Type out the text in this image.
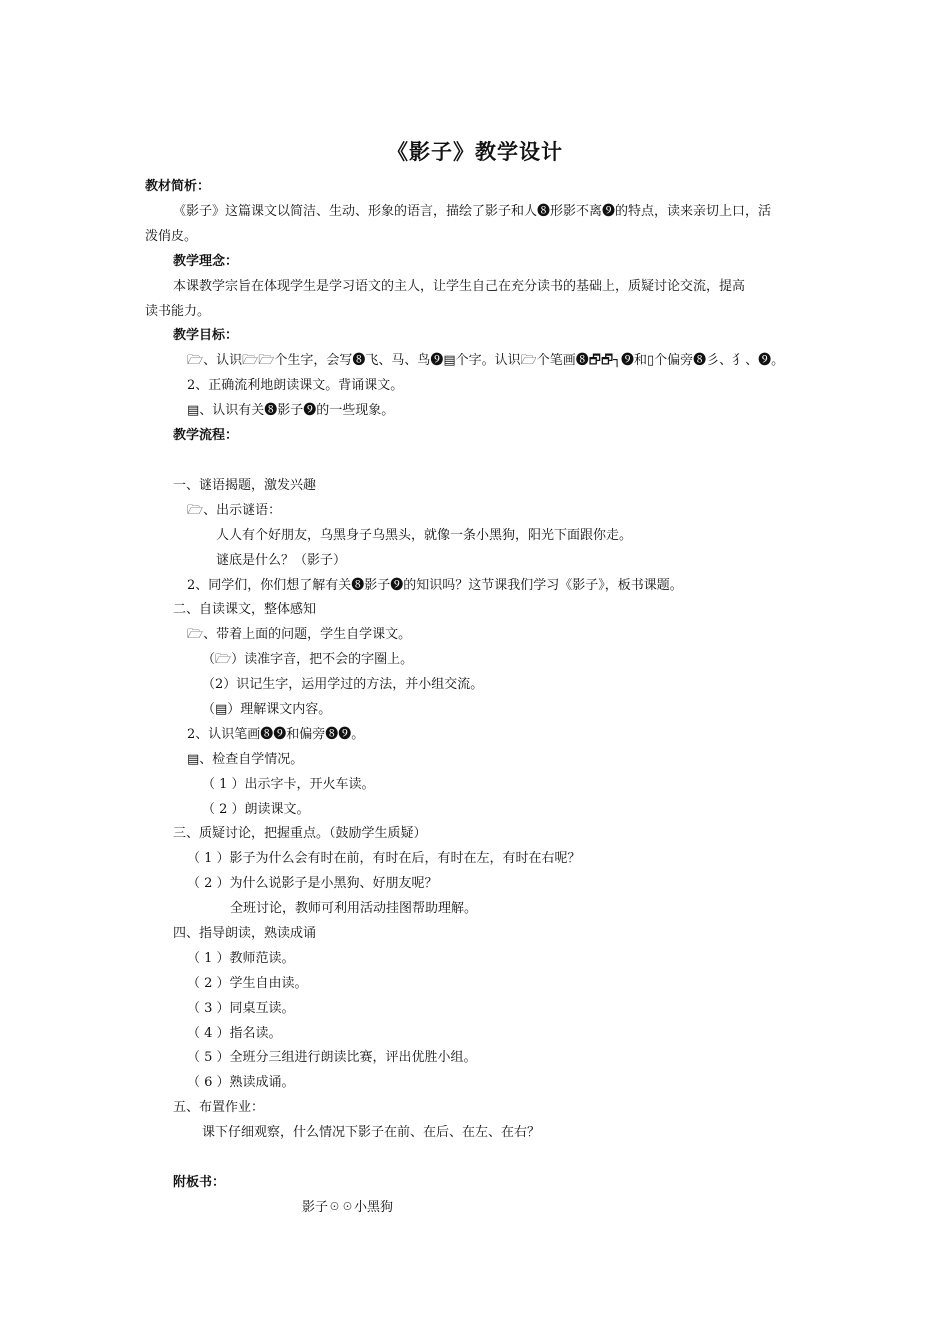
《影子》教学设计
教材简析：
《影子》这篇课文以简洁、生动、形象的语言，描绘了影子和人❽形影不离❾的特点，读来亲切上口，活
泼俏皮。
教学理念：
本课教学宗旨在体现学生是学习语文的主人，让学生自己在充分读书的基础上，质疑讨论交流，提高
读书能力。
教学目标：
🗁、认识🗁🗁个生字，会写❽飞、马、鸟❾▤个字。认识🗁个笔画❽🗗🗗┐❾和▯个偏旁❽彡、犭、❾。
2、正确流利地朗读课文。背诵课文。
▤、认识有关❽影子❾的一些现象。
教学流程：
一、谜语揭题，激发兴趣
🗁、出示谜语：
人人有个好朋友，乌黑身子乌黑头，就像一条小黑狗，阳光下面跟你走。
谜底是什么？（影子）
2、同学们，你们想了解有关❽影子❾的知识吗？这节课我们学习《影子》，板书课题。
二、自读课文，整体感知
🗁、带着上面的问题，学生自学课文。
（🗁）读准字音，把不会的字圈上。
（2）识记生字，运用学过的方法，并小组交流。
（▤）理解课文内容。
2、认识笔画❽❾和偏旁❽❾。
▤、检查自学情况。
（ 1 ）出示字卡，开火车读。
（ 2 ）朗读课文。
三、质疑讨论，把握重点。（鼓励学生质疑）
（ 1 ）影子为什么会有时在前，有时在后，有时在左，有时在右呢？
（ 2 ）为什么说影子是小黑狗、好朋友呢？
全班讨论，教师可利用活动挂图帮助理解。
四、指导朗读，熟读成诵
（ 1 ）教师范读。
（ 2 ）学生自由读。
（ 3 ）同桌互读。
（ 4 ）指名读。
（ 5 ）全班分三组进行朗读比赛，评出优胜小组。
（ 6 ）熟读成诵。
五、布置作业：
课下仔细观察，什么情况下影子在前、在后、在左、在右？
附板书：
影子☉☉小黑狗
